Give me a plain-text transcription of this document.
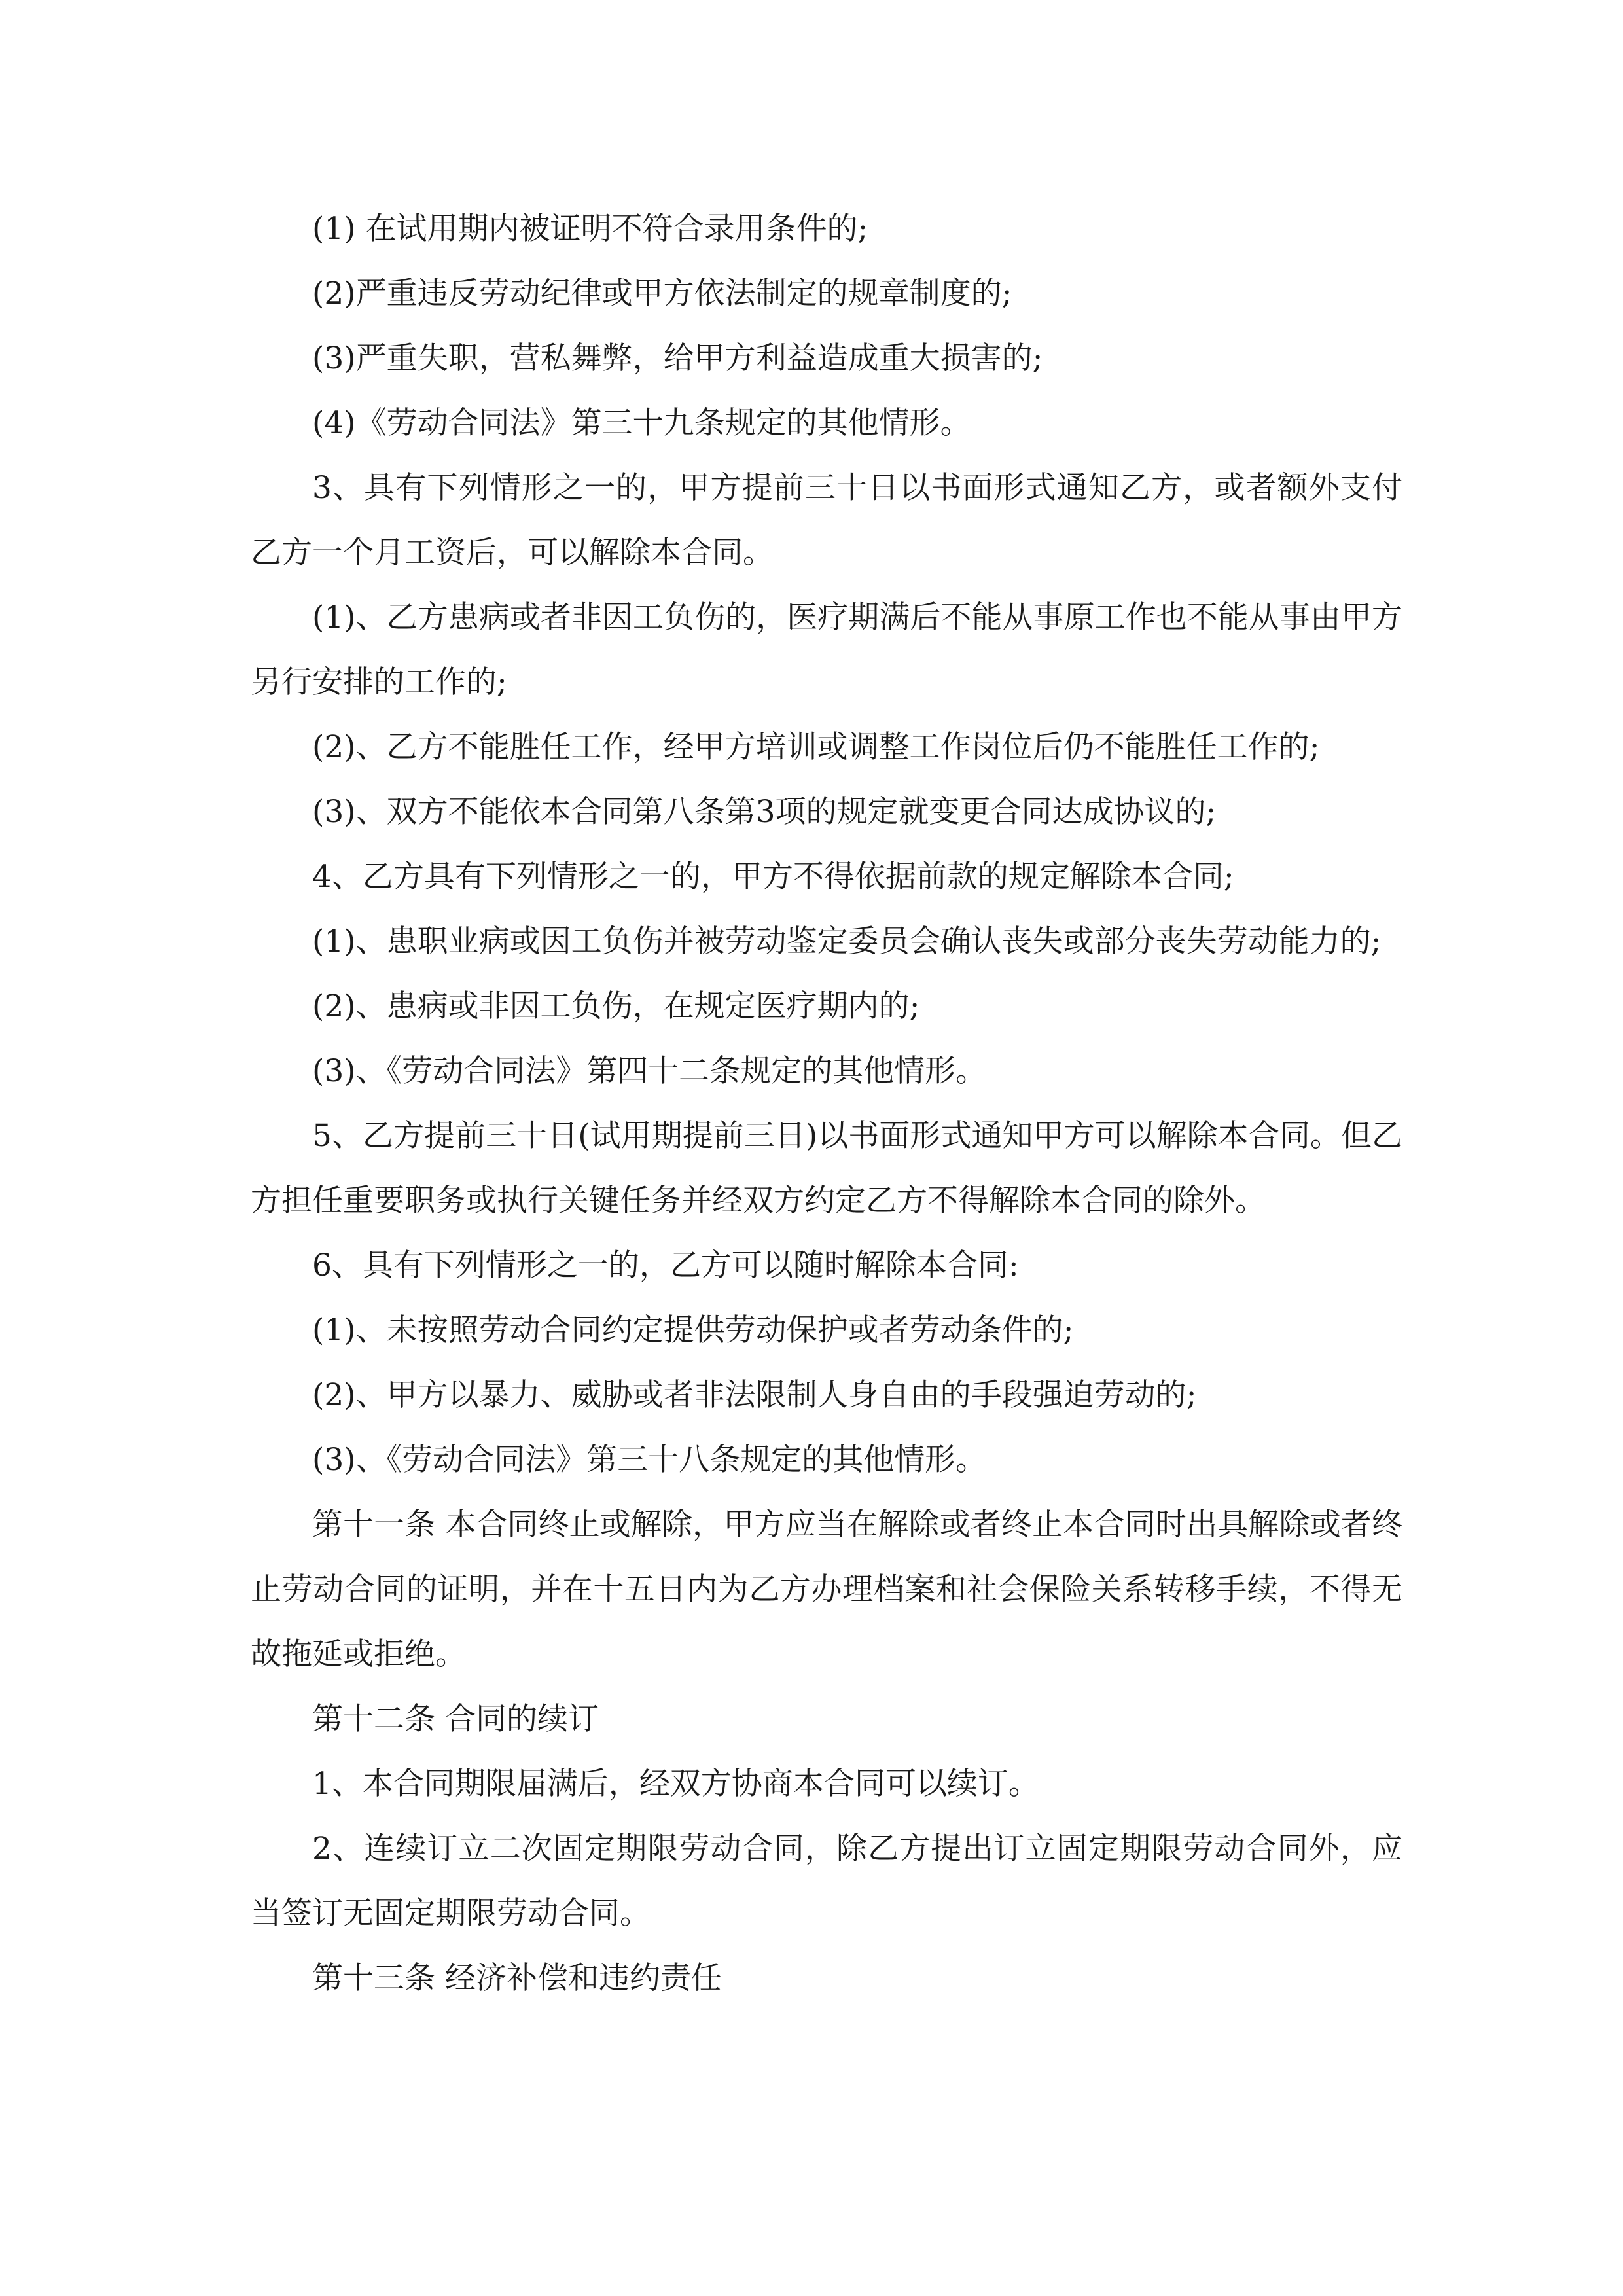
(1) 在试用期内被证明不符合录用条件的;

(2)严重违反劳动纪律或甲方依法制定的规章制度的;

(3)严重失职，营私舞弊，给甲方利益造成重大损害的;

(4)《劳动合同法》第三十九条规定的其他情形。

3、具有下列情形之一的，甲方提前三十日以书面形式通知乙方，或者额外支付乙方一个月工资后，可以解除本合同。

(1)、乙方患病或者非因工负伤的，医疗期满后不能从事原工作也不能从事由甲方另行安排的工作的;

(2)、乙方不能胜任工作，经甲方培训或调整工作岗位后仍不能胜任工作的;

(3)、双方不能依本合同第八条第3项的规定就变更合同达成协议的;

4、乙方具有下列情形之一的，甲方不得依据前款的规定解除本合同;

(1)、患职业病或因工负伤并被劳动鉴定委员会确认丧失或部分丧失劳动能力的;

(2)、患病或非因工负伤，在规定医疗期内的;

(3)、《劳动合同法》第四十二条规定的其他情形。

5、乙方提前三十日(试用期提前三日)以书面形式通知甲方可以解除本合同。但乙方担任重要职务或执行关键任务并经双方约定乙方不得解除本合同的除外。

6、具有下列情形之一的，乙方可以随时解除本合同:

(1)、未按照劳动合同约定提供劳动保护或者劳动条件的;

(2)、甲方以暴力、威胁或者非法限制人身自由的手段强迫劳动的;

(3)、《劳动合同法》第三十八条规定的其他情形。

第十一条 本合同终止或解除，甲方应当在解除或者终止本合同时出具解除或者终止劳动合同的证明，并在十五日内为乙方办理档案和社会保险关系转移手续，不得无故拖延或拒绝。

第十二条 合同的续订

1、本合同期限届满后，经双方协商本合同可以续订。

2、连续订立二次固定期限劳动合同，除乙方提出订立固定期限劳动合同外，应当签订无固定期限劳动合同。

第十三条 经济补偿和违约责任
